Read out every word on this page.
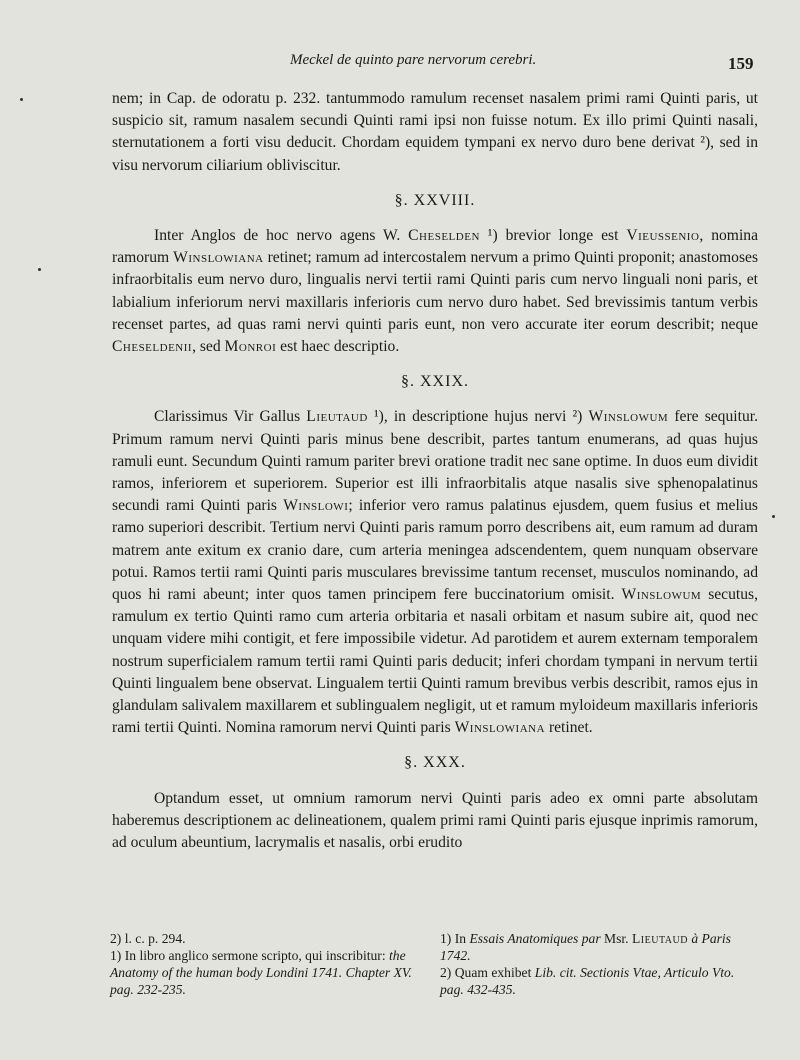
Meckel de quinto pare nervorum cerebri.	159

nem; in Cap. de odoratu p. 232. tantummodo ramulum recenset nasalem primi rami Quinti paris, ut suspicio sit, ramum nasalem secundi Quinti rami ipsi non fuisse notum. Ex illo primi Quinti nasali, sternutationem a forti visu deducit. Chordam equidem tympani ex nervo duro bene derivat ²), sed in visu nervorum ciliarium obliviscitur.

§. XXVIII.

Inter Anglos de hoc nervo agens W. Cheselden ¹) brevior longe est Vieussenio, nomina ramorum Winslowiana retinet; ramum ad intercostalem nervum a primo Quinti proponit; anastomoses infraorbitalis eum nervo duro, lingualis nervi tertii rami Quinti paris cum nervo linguali noni paris, et labialium inferiorum nervi maxillaris inferioris cum nervo duro habet. Sed brevissimis tantum verbis recenset partes, ad quas rami nervi quinti paris eunt, non vero accurate iter eorum describit; neque Cheseldenii, sed Monroi est haec descriptio.

§. XXIX.

Clarissimus Vir Gallus Lieutaud ¹), in descriptione hujus nervi ²) Winslowum fere sequitur. Primum ramum nervi Quinti paris minus bene describit, partes tantum enumerans, ad quas hujus ramuli eunt. Secundum Quinti ramum pariter brevi oratione tradit nec sane optime. In duos eum dividit ramos, inferiorem et superiorem. Superior est illi infraorbitalis atque nasalis sive sphenopalatinus secundi rami Quinti paris Winslowi; inferior vero ramus palatinus ejusdem, quem fusius et melius ramo superiori describit. Tertium nervi Quinti paris ramum porro describens ait, eum ramum ad duram matrem ante exitum ex cranio dare, cum arteria meningea adscendentem, quem nunquam observare potui. Ramos tertii rami Quinti paris musculares brevissime tantum recenset, musculos nominando, ad quos hi rami abeunt; inter quos tamen principem fere buccinatorium omisit. Winslowum secutus, ramulum ex tertio Quinti ramo cum arteria orbitaria et nasali orbitam et nasum subire ait, quod nec unquam videre mihi contigit, et fere impossibile videtur. Ad parotidem et aurem externam temporalem nostrum superficialem ramum tertii rami Quinti paris deducit; inferi chordam tympani in nervum tertii Quinti lingualem bene observat. Lingualem tertii Quinti ramum brevibus verbis describit, ramos ejus in glandulam salivalem maxillarem et sublingualem negligit, ut et ramum myloideum maxillaris inferioris rami tertii Quinti. Nomina ramorum nervi Quinti paris Winslowiana retinet.

§. XXX.

Optandum esset, ut omnium ramorum nervi Quinti paris adeo ex omni parte absolutam haberemus descriptionem ac delineationem, qualem primi rami Quinti paris ejusque inprimis ramorum, ad oculum abeuntium, lacrymalis et nasalis, orbi erudito

2) l. c. p. 294.

1) In libro anglico sermone scripto, qui inscribitur: the Anatomy of the human body Londini 1741. Chapter XV. pag. 232-235.

1) In Essais Anatomiques par Msr. Lieutaud à Paris 1742.

2) Quam exhibet Lib. cit. Sectionis Vtae, Articulo Vto. pag. 432-435.
